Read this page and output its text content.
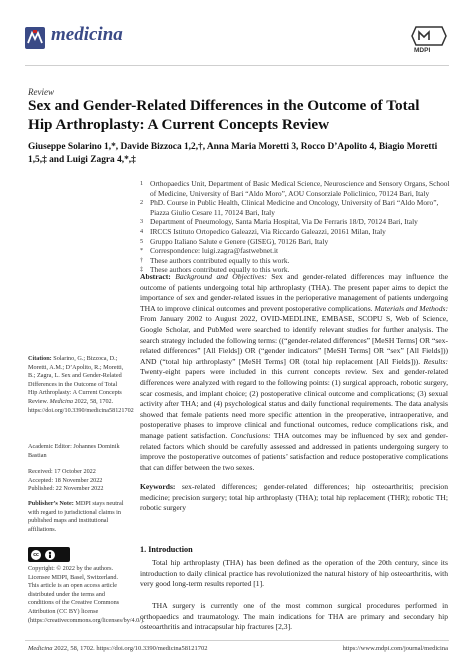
medicina
MDPI
Review
Sex and Gender-Related Differences in the Outcome of Total Hip Arthroplasty: A Current Concepts Review
Giuseppe Solarino 1,*, Davide Bizzoca 1,2,†, Anna Maria Moretti 3, Rocco D’Apolito 4, Biagio Moretti 1,5,‡ and Luigi Zagra 4,*,‡
1 Orthopaedics Unit, Department of Basic Medical Science, Neuroscience and Sensory Organs, School of Medicine, University of Bari “Aldo Moro”, AOU Consorziale Policlinico, 70124 Bari, Italy
2 PhD. Course in Public Health, Clinical Medicine and Oncology, University of Bari “Aldo Moro”, Piazza Giulio Cesare 11, 70124 Bari, Italy
3 Department of Pneumology, Santa Maria Hospital, Via De Ferraris 18/D, 70124 Bari, Italy
4 IRCCS Istituto Ortopedico Galeazzi, Via Riccardo Galeazzi, 20161 Milan, Italy
5 Gruppo Italiano Salute e Genere (GISEG), 70126 Bari, Italy
* Correspondence: luigi.zagra@fastwebnet.it
† These authors contributed equally to this work.
‡ These authors contributed equally to this work.
Abstract: Background and Objectives: Sex and gender-related differences may influence the outcome of patients undergoing total hip arthroplasty (THA). The present paper aims to depict the importance of sex and gender-related issues in the perioperative management of patients undergoing THA to improve clinical outcomes and prevent postoperative complications. Materials and Methods: From January 2002 to August 2022, OVID-MEDLINE, EMBASE, SCOPU S, Web of Science, Google Scholar, and PubMed were searched to identify relevant studies for further analysis. The search strategy included the following terms: ((“gender-related differences” [MeSH Terms] OR “sex-related differences” [All Fields]) OR (“gender indicators” [MeSH Terms] OR “sex” [All Fields])) AND (“total hip arthroplasty” [MeSH Terms] OR (total hip replacement [All Fields])). Results: Twenty-eight papers were included in this current concepts review. Sex and gender-related differences were analyzed with regard to the following points: (1) surgical approach, robotic surgery, scar cosmesis, and implant choice; (2) postoperative clinical outcome and complications; (3) sexual activity after THA; and (4) psychological status and daily functional requirements. The data analysis showed that female patients need more specific attention in the preoperative, intraoperative, and postoperative phases to improve clinical and functional outcomes, reduce complications risk, and manage patient satisfaction. Conclusions: THA outcomes may be influenced by sex and gender-related factors which should be carefully assessed and addressed in patients undergoing surgery to improve the postoperative outcomes of patients’ satisfaction and reduce postoperative complications that can differ between the two sexes.
Keywords: sex-related differences; gender-related differences; hip osteoarthritis; precision medicine; precision surgery; total hip arthroplasty (THA); total hip replacement (THR); robotic TH; robotic surgery
1. Introduction
Total hip arthroplasty (THA) has been defined as the operation of the 20th century, since its introduction to daily clinical practice has revolutionized the natural history of hip osteoarthritis, with very good long-term results reported [1].
THA surgery is currently one of the most common surgical procedures performed in orthopaedics and traumatology. The main indications for THA are primary and secondary hip osteoarthritis and intracapsular hip fractures [2,3].
Citation: Solarino, G.; Bizzoca, D.; Moretti, A.M.; D’Apolito, R.; Moretti, B.; Zagra, L. Sex and Gender-Related Differences in the Outcome of Total Hip Arthroplasty: A Current Concepts Review. Medicina 2022, 58, 1702. https://doi.org/10.3390/medicina58121702
Academic Editor: Johannes Dominik Bastian
Received: 17 October 2022
Accepted: 18 November 2022
Published: 22 November 2022
Publisher’s Note: MDPI stays neutral with regard to jurisdictional claims in published maps and institutional affiliations.
cc
Copyright: © 2022 by the authors. Licensee MDPI, Basel, Switzerland. This article is an open access article distributed under the terms and conditions of the Creative Commons Attribution (CC BY) license (https://creativecommons.org/licenses/by/4.0/).
Medicina 2022, 58, 1702. https://doi.org/10.3390/medicina58121702	https://www.mdpi.com/journal/medicina
